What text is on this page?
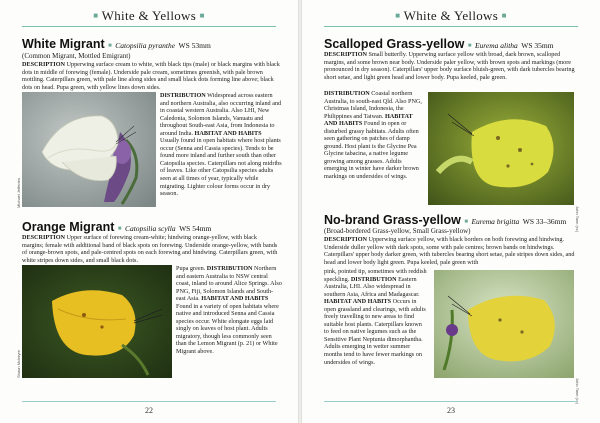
■ White & Yellows ■
White Migrant ■ Catopsilia pyranthe WS 53mm
(Common Migrant, Mottled Emigrant)
DESCRIPTION Upperwing surface cream to white, with black tips (male) or black margins with black dots in middle of forewing (female). Underside pale cream, sometimes greenish, with pale brown mottling. Caterpillars green, with pale line along sides and small black dots forming line above; black dots on head. Pupa green, with yellow lines down sides.
Michael Jefferies
DISTRIBUTION Widespread across eastern and northern Australia, also occurring inland and in coastal western Australia. Also LHI, New Caledonia, Solomon Islands, Vanuatu and throughout South-east Asia, from Indonesia to around India. HABITAT AND HABITS Usually found in open habitats where host plants occur (Senna and Cassia species). Tends to be found more inland and further south than other Catopsilia species. Caterpillars not along midribs of leaves. Like other Catopsilia species adults seen at all times of year, typically while migrating. Lighter colour forms occur in dry season.
Orange Migrant ■ Catopsilia scylla WS 54mm
DESCRIPTION Upper surface of forewing cream-white; hindwing orange-yellow, with black margins; female with additional band of black spots on forewing. Underside orange-yellow, with bands of orange-brown spots, and pale-centred spots on each forewing and hindwing. Caterpillars green, with white stripes down sides, and small black dots.
Shaun McIntyre
Pupa green. DISTRIBUTION Northern and eastern Australia to NSW central coast, inland to around Alice Springs. Also PNG, Fiji, Solomon Islands and South-east Asia. HABITAT AND HABITS Found in a variety of open habitats where native and introduced Senna and Cassia species occur. White elongate eggs laid singly on leaves of host plant. Adults migratory, though less commonly seen than the Lemon Migrant (p. 21) or White Migrant above.
22
■ White & Yellows ■
Scalloped Grass-yellow ■ Eurema alitha WS 35mm
DESCRIPTION Small butterfly. Upperwing surface yellow with broad, dark brown, scalloped margins, and some brown near body. Underside paler yellow, with brown spots and markings (more pronounced in dry season). Caterpillars' upper body surface bluish-green, with dark tubercles bearing short setae, and light green head and lower body. Pupa keeled, pale green.
DISTRIBUTION Coastal northern Australia, to south-east Qld. Also PNG, Christmas Island, Indonesia, the Philippines and Taiwan. HABITAT AND HABITS Found in open or disturbed grassy habitats. Adults often seen gathering on patches of damp ground. Host plant is the Glycine Pea Glycine tabacina, a native legume growing among grasses. Adults emerging in winter have darker brown markings on undersides of wings.
John Tann (cc)
No-brand Grass-yellow ■ Eurema brigitta WS 33–36mm
(Broad-bordered Grass-yellow, Small Grass-yellow)
DESCRIPTION Upperwing surface yellow, with black borders on both forewing and hindwing. Underside duller yellow with dark spots, some with pale centres; brown bands on hindwings. Caterpillars' upper body darker green, with tubercles bearing short setae, pale stripes down sides, and head and lower body light green. Pupa keeled, pale green with
pink, pointed tip, sometimes with reddish speckling. DISTRIBUTION Eastern Australia, LHI. Also widespread in southern Asia, Africa and Madagascar. HABITAT AND HABITS Occurs in open grassland and clearings, with adults freely travelling to new areas to find suitable host plants. Caterpillars known to feed on native legumes such as the Sensitive Plant Neptunia dimorphantha. Adults emerging in wetter summer months tend to have fewer markings on undersides of wings.
John Tann (cc)
23
